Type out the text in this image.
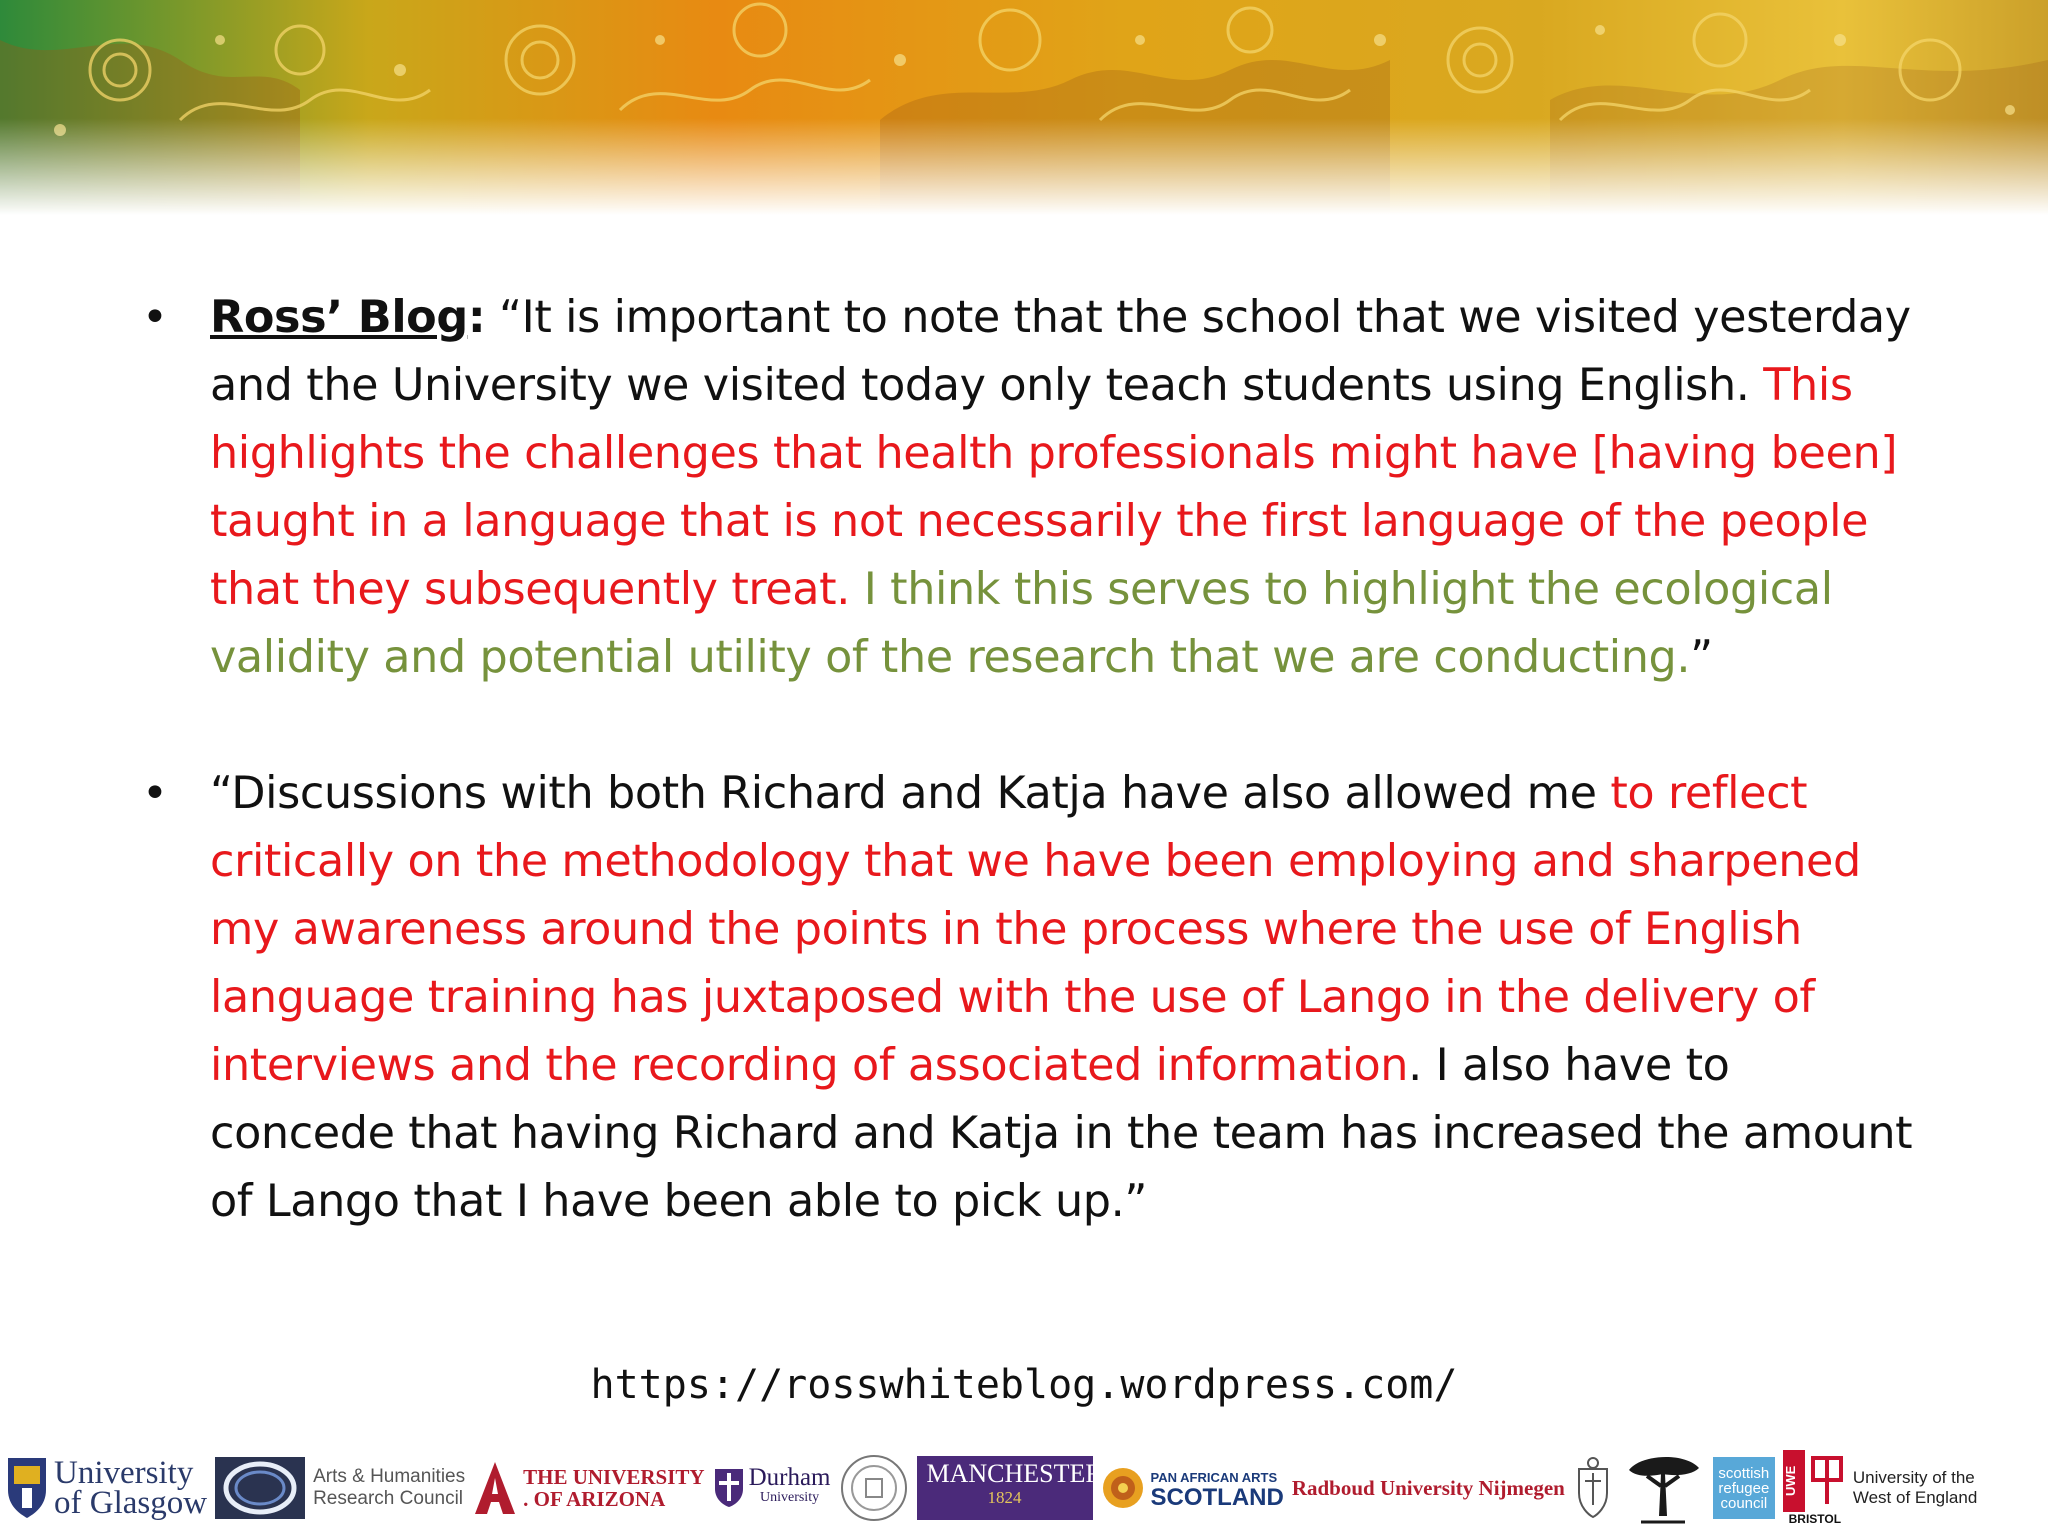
• Ross’ Blog: “It is important to note that the school that we visited yesterday and the University we visited today only teach students using English. This highlights the challenges that health professionals might have [having been] taught in a language that is not necessarily the first language of the people that they subsequently treat. I think this serves to highlight the ecological validity and potential utility of the research that we are conducting.”
• “Discussions with both Richard and Katja have also allowed me to reflect critically on the methodology that we have been employing and sharpened my awareness around the points in the process where the use of English language training has juxtaposed with the use of Lango in the delivery of interviews and the recording of associated information. I also have to concede that having Richard and Katja in the team has increased the amount of Lango that I have been able to pick up.”
https://rosswhiteblog.wordpress.com/
University
of Glasgow
Arts & Humanities
Research Council
THE UNIVERSITY
. OF ARIZONA
Durham
University
MANCHESTER
1824
PAN AFRICAN ARTS
SCOTLAND Radboud University Nijmegen
scottish
refugee
council
UWE
BRISTOL
University of the
West of England
